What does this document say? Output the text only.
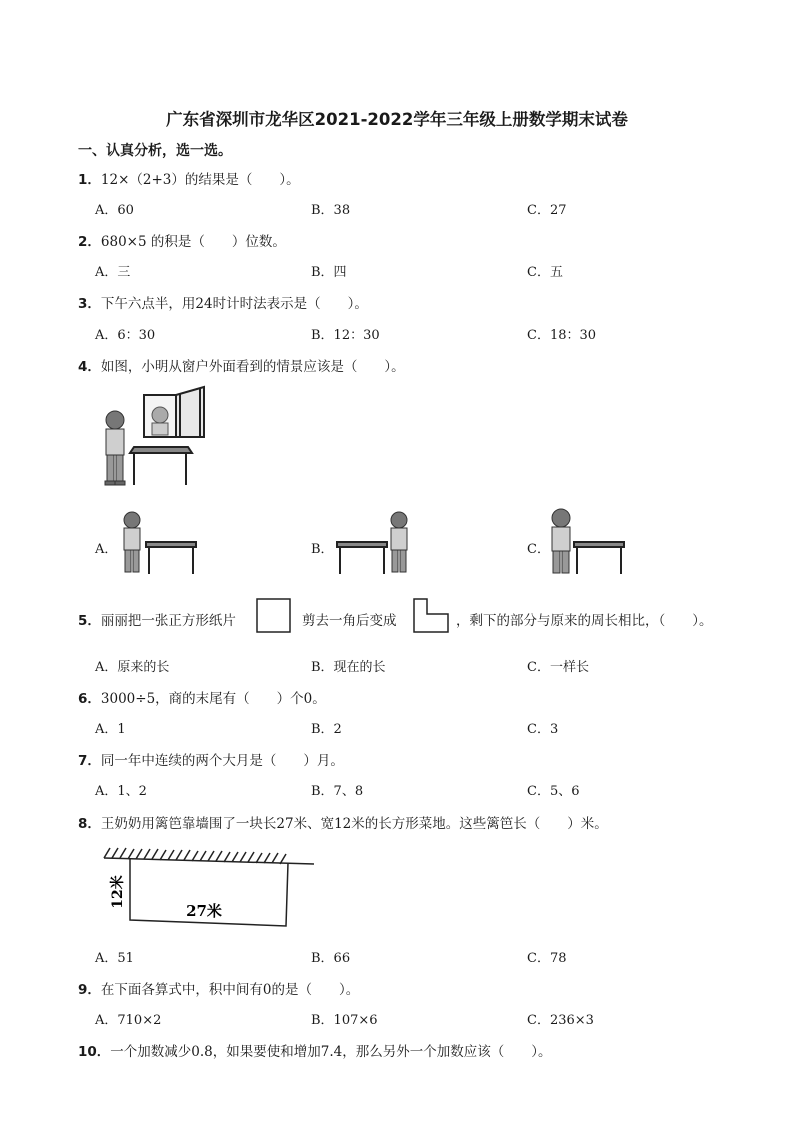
广东省深圳市龙华区2021-2022学年三年级上册数学期末试卷
一、认真分析，选一选。
1．12×（2+3）的结果是（　　）。
A．60	B．38	C．27
2．680×5 的积是（　　）位数。
A．三	B．四	C．五
3．下午六点半，用24时计时法表示是（　　）。
A．6：30	B．12：30	C．18：30
4．如图，小明从窗户外面看到的情景应该是（　　）。
A．	B．	C．
5．丽丽把一张正方形纸片	剪去一角后变成	，剩下的部分与原来的周长相比，（　　）。
A．原来的长	B．现在的长	C．一样长
6．3000÷5，商的末尾有（　　）个0。
A．1	B．2	C．3
7．同一年中连续的两个大月是（　　）月。
A．1、2	B．7、8	C．5、6
8．王奶奶用篱笆靠墙围了一块长27米、宽12米的长方形菜地。这些篱笆长（　　）米。
12米
27米
A．51	B．66	C．78
9．在下面各算式中，积中间有0的是（　　）。
A．710×2	B．107×6	C．236×3
10．一个加数减少0.8，如果要使和增加7.4，那么另外一个加数应该（　　）。
